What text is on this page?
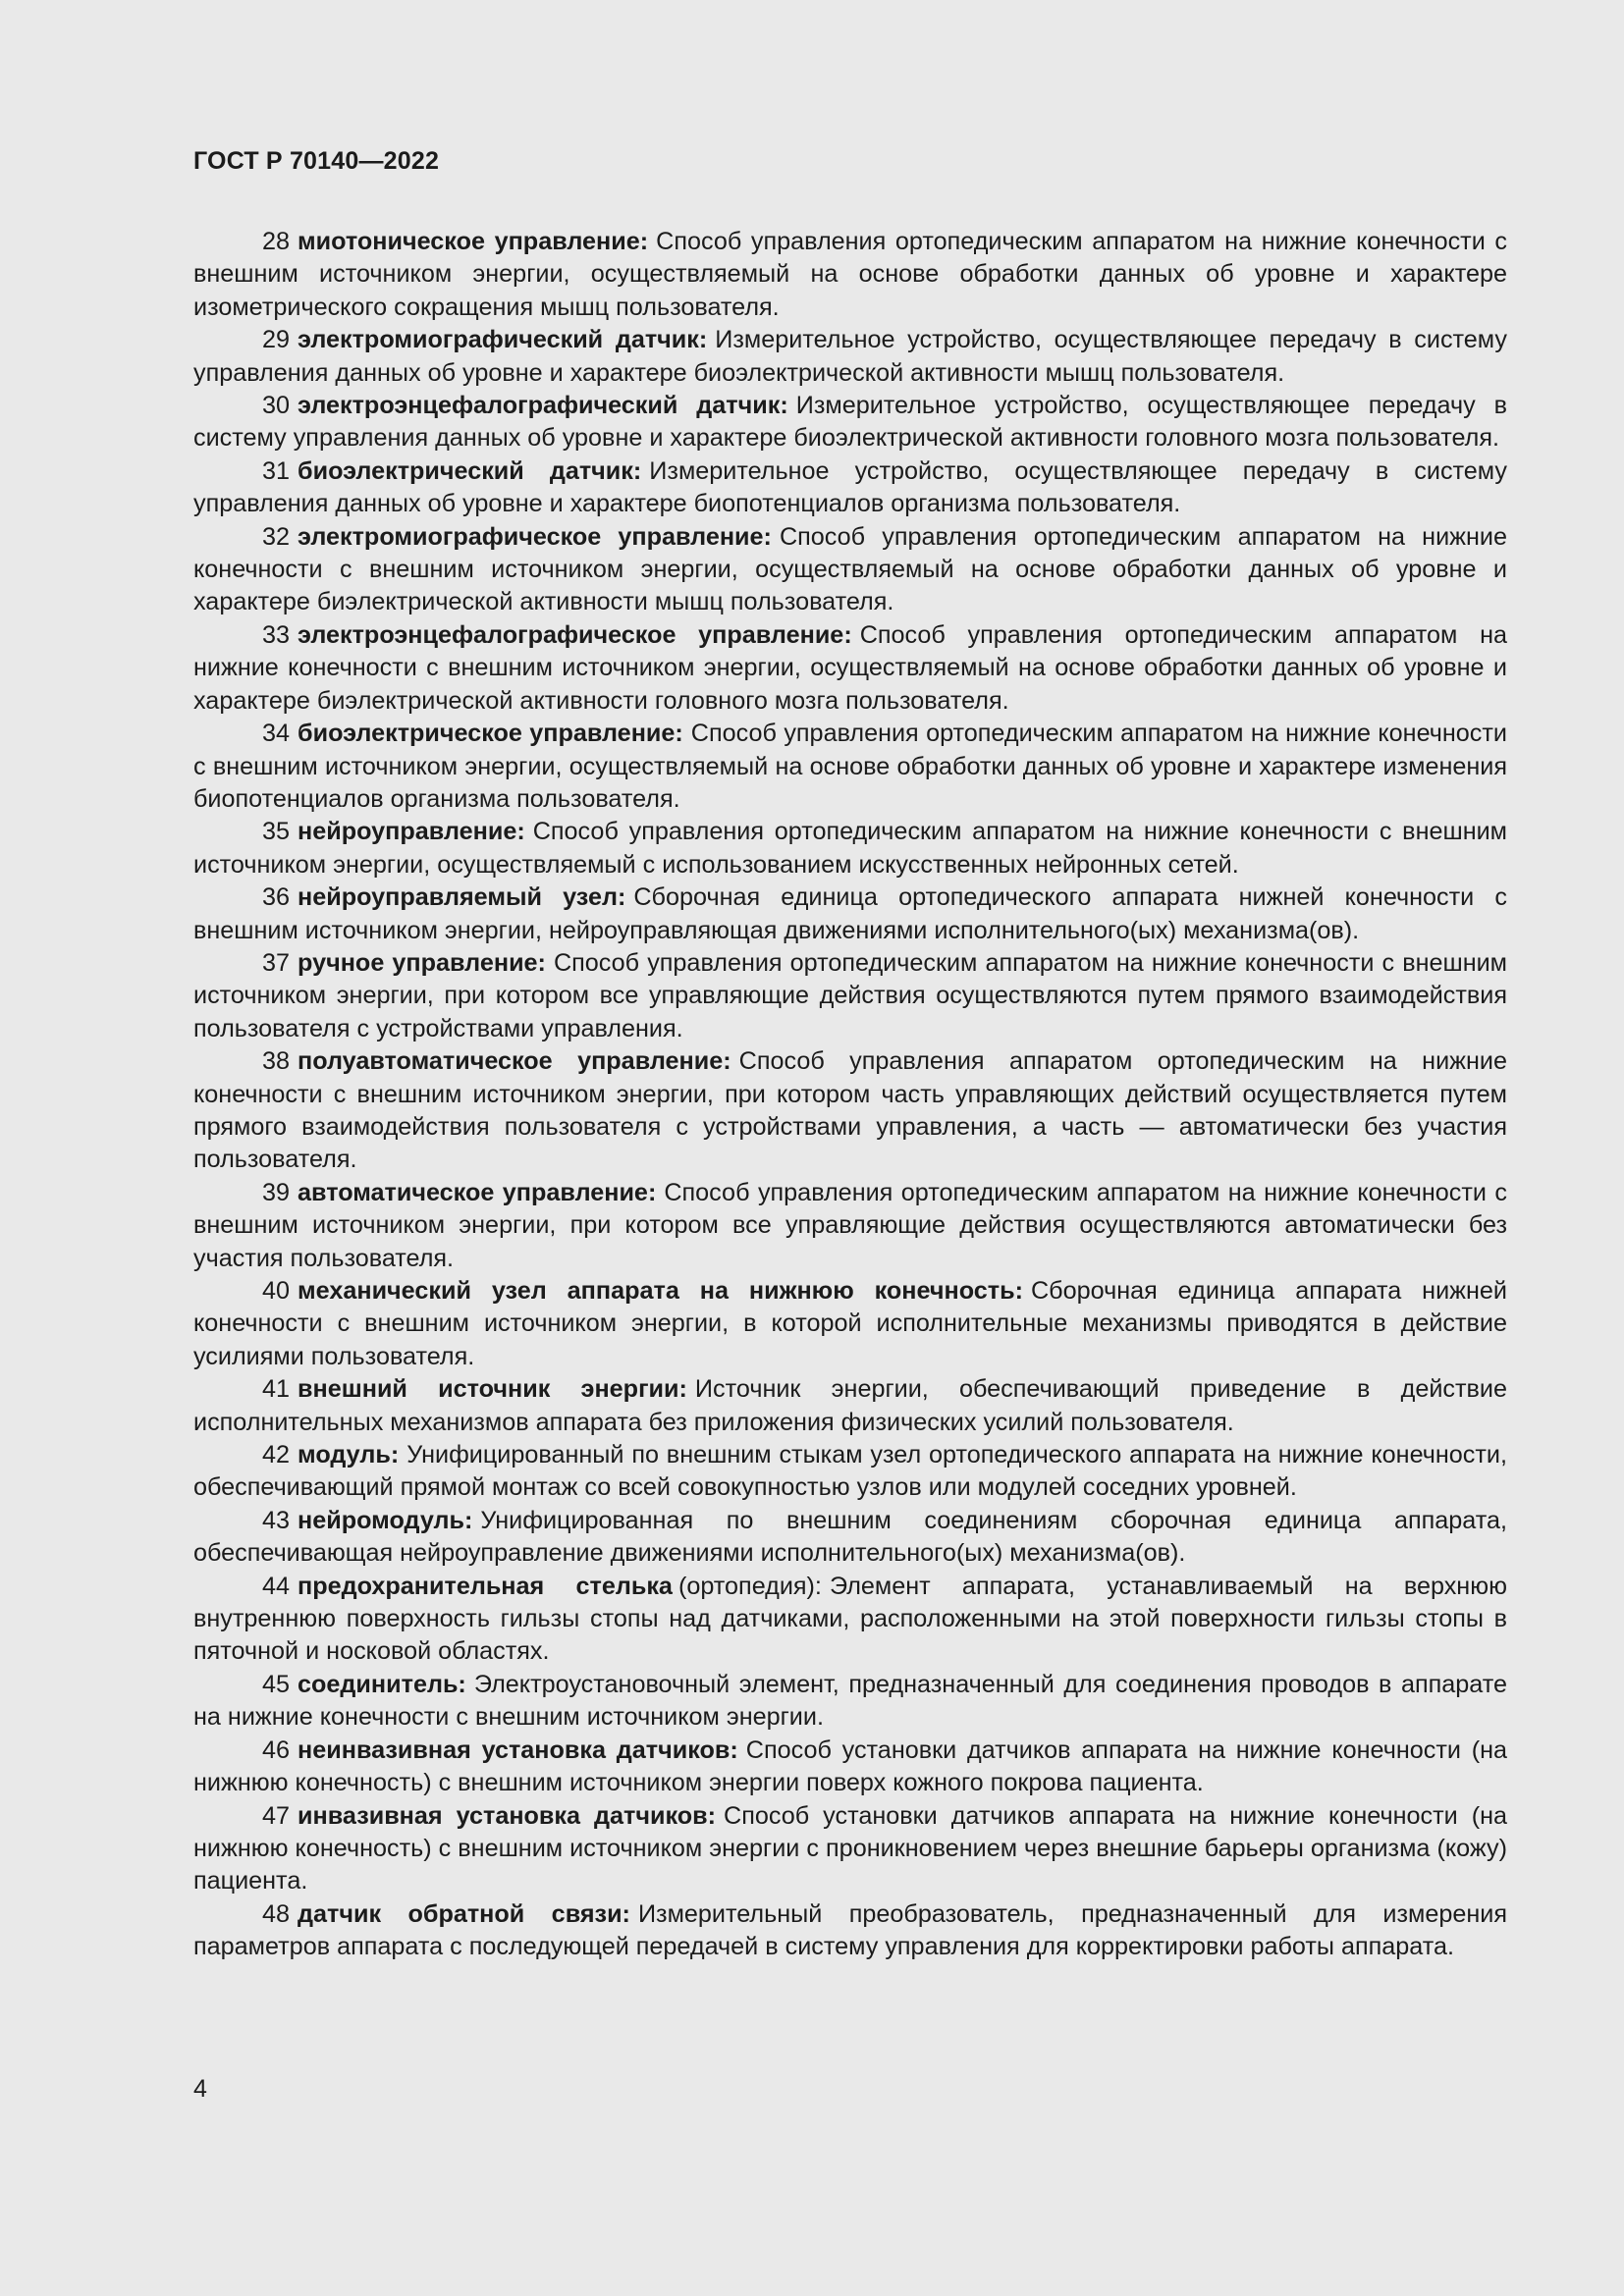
ГОСТ Р 70140—2022

28 миотоническое управление: Способ управления ортопедическим аппаратом на нижние конечности с внешним источником энергии, осуществляемый на основе обработки данных об уровне и характере изометрического сокращения мышц пользователя.

29 электромиографический датчик: Измерительное устройство, осуществляющее передачу в систему управления данных об уровне и характере биоэлектрической активности мышц пользователя.

30 электроэнцефалографический датчик: Измерительное устройство, осуществляющее передачу в систему управления данных об уровне и характере биоэлектрической активности головного мозга пользователя.

31 биоэлектрический датчик: Измерительное устройство, осуществляющее передачу в систему управления данных об уровне и характере биопотенциалов организма пользователя.

32 электромиографическое управление: Способ управления ортопедическим аппаратом на нижние конечности с внешним источником энергии, осуществляемый на основе обработки данных об уровне и характере биэлектрической активности мышц пользователя.

33 электроэнцефалографическое управление: Способ управления ортопедическим аппаратом на нижние конечности с внешним источником энергии, осуществляемый на основе обработки данных об уровне и характере биэлектрической активности головного мозга пользователя.

34 биоэлектрическое управление: Способ управления ортопедическим аппаратом на нижние конечности с внешним источником энергии, осуществляемый на основе обработки данных об уровне и характере изменения биопотенциалов организма пользователя.

35 нейроуправление: Способ управления ортопедическим аппаратом на нижние конечности с внешним источником энергии, осуществляемый с использованием искусственных нейронных сетей.

36 нейроуправляемый узел: Сборочная единица ортопедического аппарата нижней конечности с внешним источником энергии, нейроуправляющая движениями исполнительного(ых) механизма(ов).

37 ручное управление: Способ управления ортопедическим аппаратом на нижние конечности с внешним источником энергии, при котором все управляющие действия осуществляются путем прямого взаимодействия пользователя с устройствами управления.

38 полуавтоматическое управление: Способ управления аппаратом ортопедическим на нижние конечности с внешним источником энергии, при котором часть управляющих действий осуществляется путем прямого взаимодействия пользователя с устройствами управления, а часть — автоматически без участия пользователя.

39 автоматическое управление: Способ управления ортопедическим аппаратом на нижние конечности с внешним источником энергии, при котором все управляющие действия осуществляются автоматически без участия пользователя.

40 механический узел аппарата на нижнюю конечность: Сборочная единица аппарата нижней конечности с внешним источником энергии, в которой исполнительные механизмы приводятся в действие усилиями пользователя.

41 внешний источник энергии: Источник энергии, обеспечивающий приведение в действие исполнительных механизмов аппарата без приложения физических усилий пользователя.

42 модуль: Унифицированный по внешним стыкам узел ортопедического аппарата на нижние конечности, обеспечивающий прямой монтаж со всей совокупностью узлов или модулей соседних уровней.

43 нейромодуль: Унифицированная по внешним соединениям сборочная единица аппарата, обеспечивающая нейроуправление движениями исполнительного(ых) механизма(ов).

44 предохранительная стелька (ортопедия): Элемент аппарата, устанавливаемый на верхнюю внутреннюю поверхность гильзы стопы над датчиками, расположенными на этой поверхности гильзы стопы в пяточной и носковой областях.

45 соединитель: Электроустановочный элемент, предназначенный для соединения проводов в аппарате на нижние конечности с внешним источником энергии.

46 неинвазивная установка датчиков: Способ установки датчиков аппарата на нижние конечности (на нижнюю конечность) с внешним источником энергии поверх кожного покрова пациента.

47 инвазивная установка датчиков: Способ установки датчиков аппарата на нижние конечности (на нижнюю конечность) с внешним источником энергии с проникновением через внешние барьеры организма (кожу) пациента.

48 датчик обратной связи: Измерительный преобразователь, предназначенный для измерения параметров аппарата с последующей передачей в систему управления для корректировки работы аппарата.

4
